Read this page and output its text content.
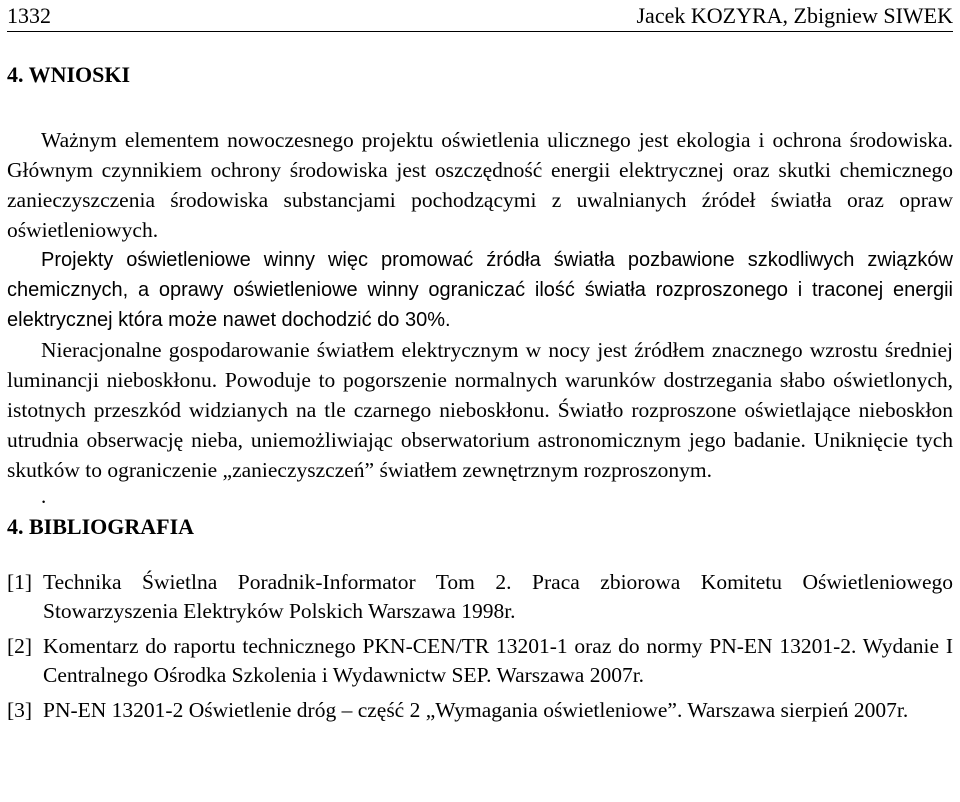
1332	Jacek KOZYRA, Zbigniew SIWEK
4. WNIOSKI

Ważnym elementem nowoczesnego projektu oświetlenia ulicznego jest ekologia i ochrona środowiska. Głównym czynnikiem ochrony środowiska jest oszczędność energii elektrycznej oraz skutki chemicznego zanieczyszczenia środowiska substancjami pochodzącymi z uwalnianych źródeł światła oraz opraw oświetleniowych.

Projekty oświetleniowe winny więc promować źródła światła pozbawione szkodliwych związków chemicznych, a oprawy oświetleniowe winny ograniczać ilość światła rozproszonego i traconej energii elektrycznej która może nawet dochodzić do 30%.

Nieracjonalne gospodarowanie światłem elektrycznym w nocy jest źródłem znacznego wzrostu średniej luminancji nieboskłonu. Powoduje to pogorszenie normalnych warunków dostrzegania słabo oświetlonych, istotnych przeszkód widzianych na tle czarnego nieboskłonu. Światło rozproszone oświetlające nieboskłon utrudnia obserwację nieba, uniemożliwiając obserwatorium astronomicznym jego badanie. Uniknięcie tych skutków to ograniczenie „zanieczyszczeń” światłem zewnętrznym rozproszonym.

.

4. BIBLIOGRAFIA
[1] Technika Świetlna Poradnik-Informator Tom 2. Praca zbiorowa Komitetu Oświetleniowego Stowarzyszenia Elektryków Polskich Warszawa 1998r.
[2] Komentarz do raportu technicznego PKN-CEN/TR 13201-1 oraz do normy PN-EN 13201-2. Wydanie I Centralnego Ośrodka Szkolenia i Wydawnictw SEP. Warszawa 2007r.
[3] PN-EN 13201-2 Oświetlenie dróg – część 2 „Wymagania oświetleniowe”. Warszawa sierpień 2007r.
